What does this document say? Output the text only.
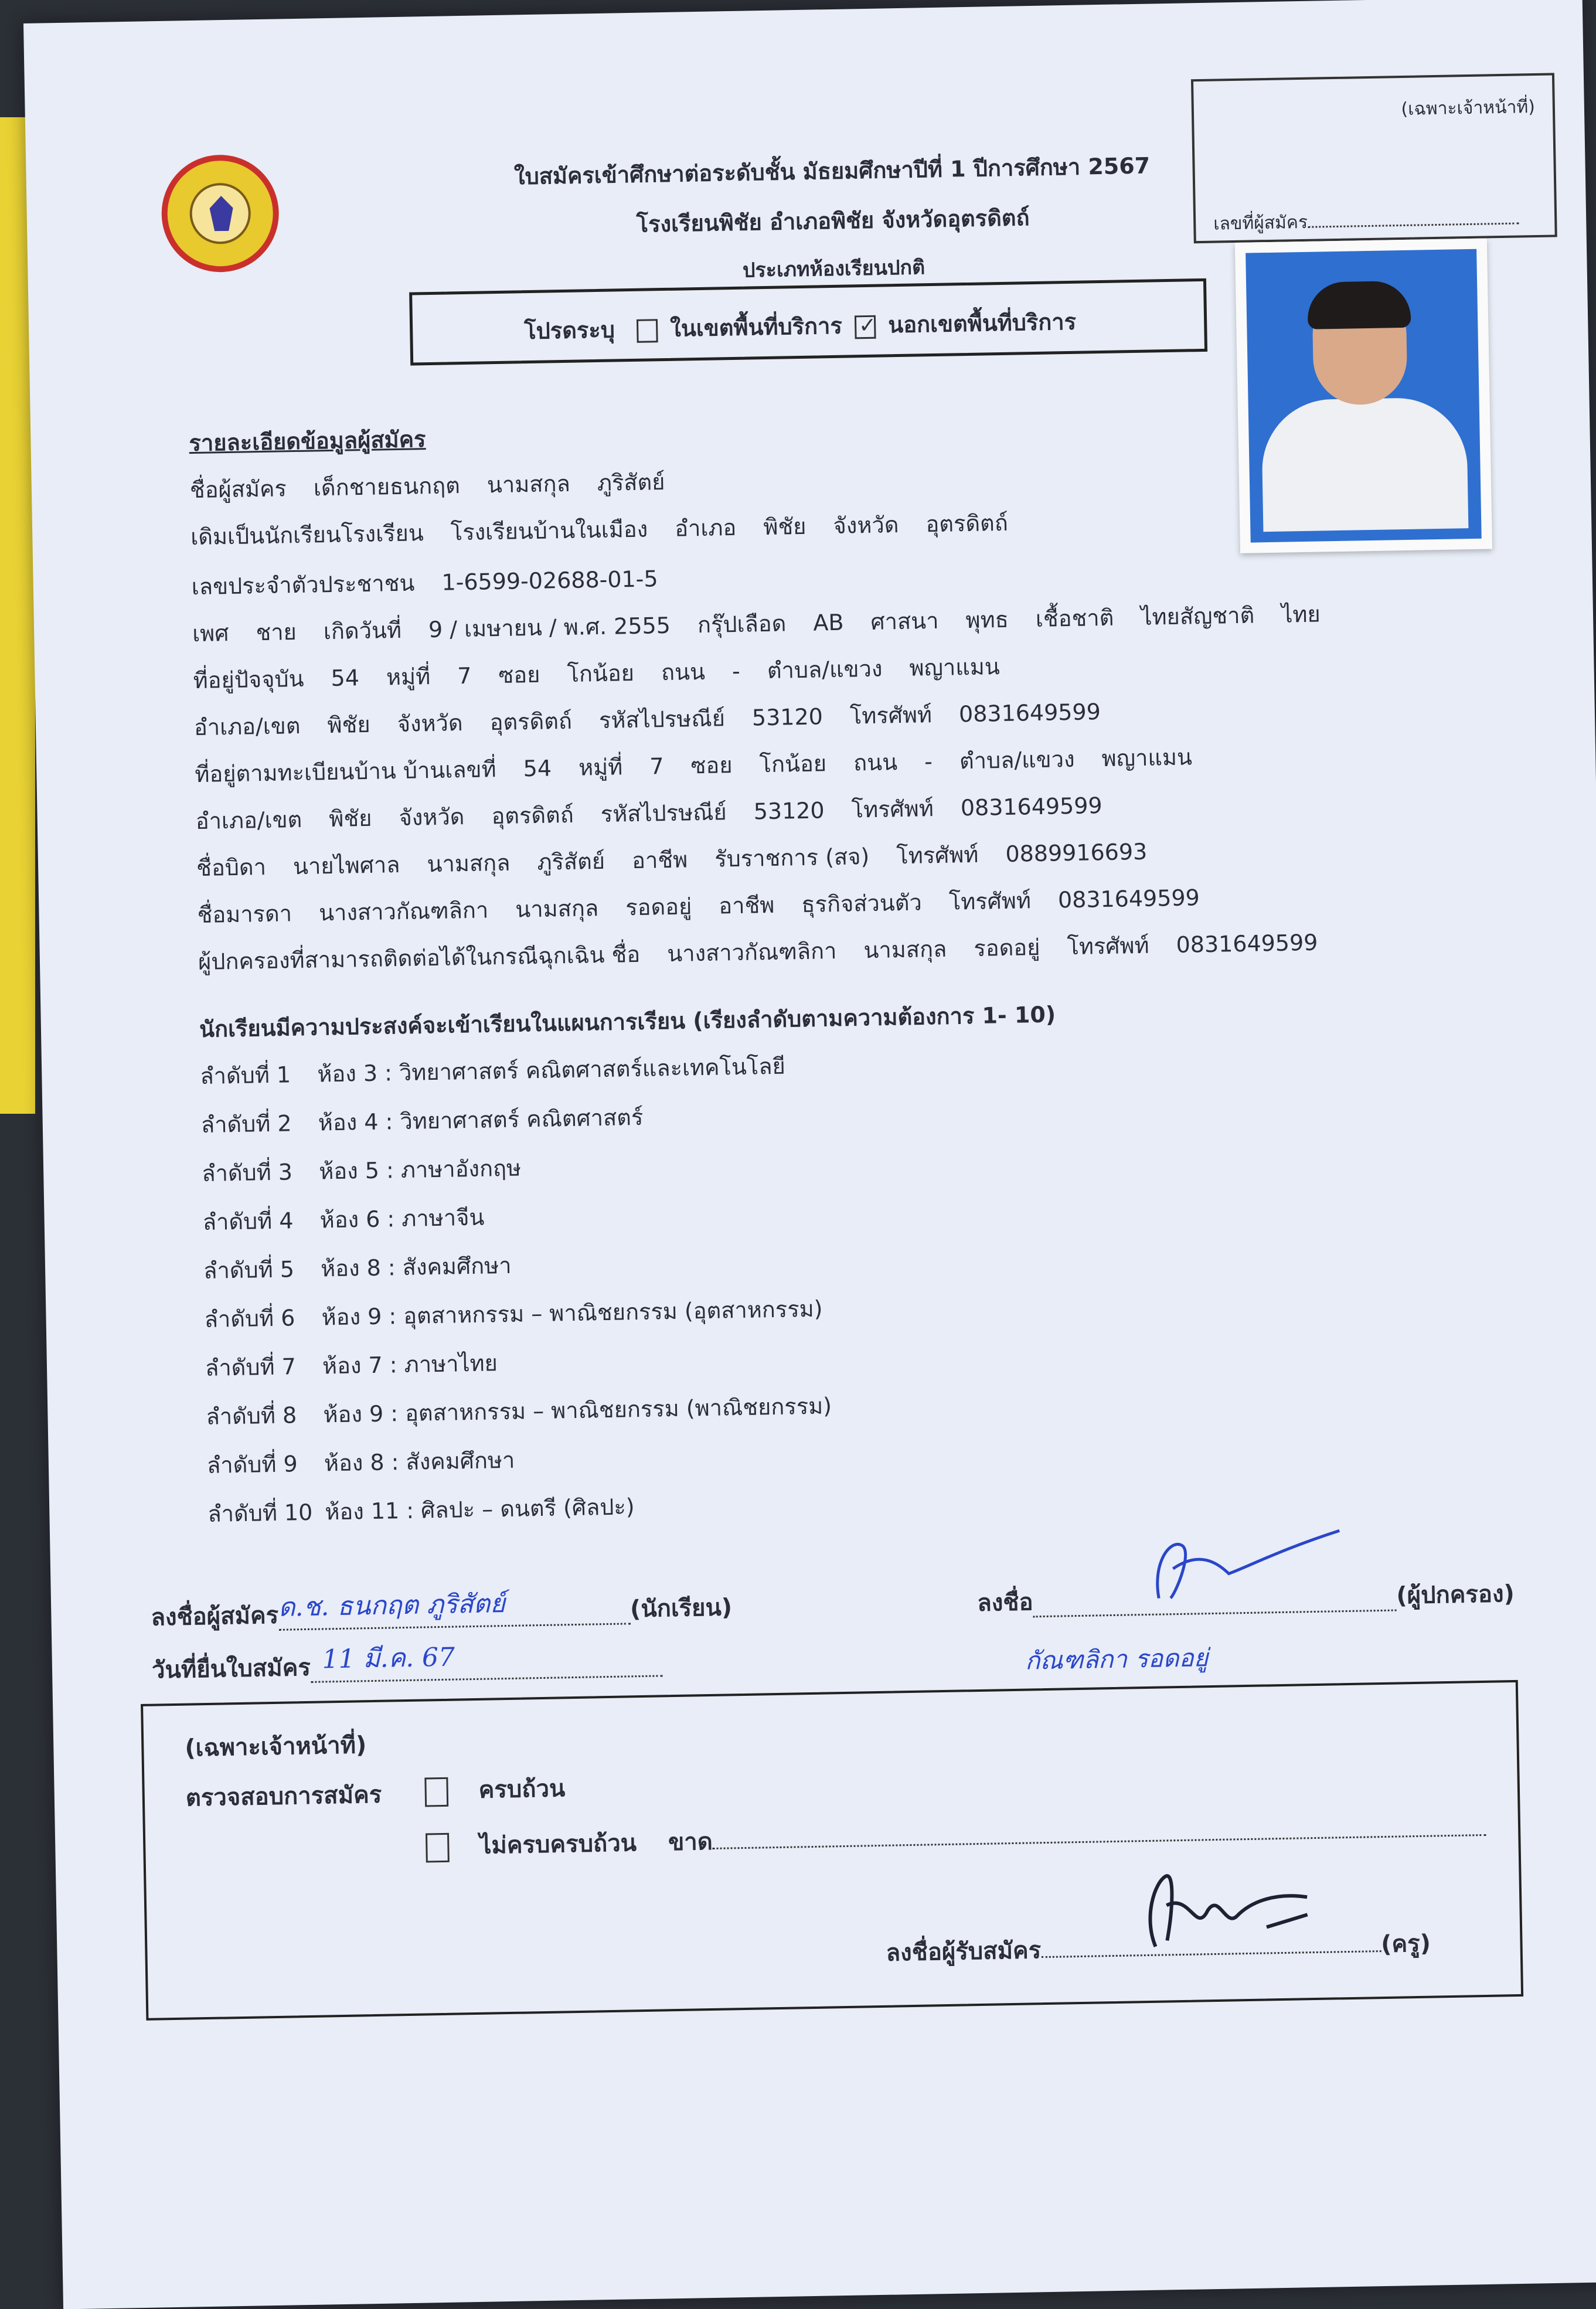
ใบสมัครเข้าศึกษาต่อระดับชั้น มัธยมศึกษาปีที่ 1 ปีการศึกษา 2567
โรงเรียนพิชัย อำเภอพิชัย จังหวัดอุตรดิตถ์
ประเภทห้องเรียนปกติ
(เฉพาะเจ้าหน้าที่)
เลขที่ผู้สมัคร
โปรดระบุ ในเขตพื้นที่บริการ ✓ นอกเขตพื้นที่บริการ
รายละเอียดข้อมูลผู้สมัคร
ชื่อผู้สมัคร เด็กชายธนกฤต นามสกุล ภูริสัตย์
เดิมเป็นนักเรียนโรงเรียน โรงเรียนบ้านในเมือง อำเภอ พิชัย จังหวัด อุตรดิตถ์
เลขประจำตัวประชาชน 1-6599-02688-01-5
เพศ ชาย เกิดวันที่ 9 / เมษายน / พ.ศ. 2555 กรุ๊ปเลือด AB ศาสนา พุทธ เชื้อชาติ ไทยสัญชาติ ไทย
ที่อยู่ปัจจุบัน 54 หมู่ที่ 7 ซอย โกน้อย ถนน - ตำบล/แขวง พญาแมน
อำเภอ/เขต พิชัย จังหวัด อุตรดิตถ์ รหัสไปรษณีย์ 53120 โทรศัพท์ 0831649599
ที่อยู่ตามทะเบียนบ้าน บ้านเลขที่ 54 หมู่ที่ 7 ซอย โกน้อย ถนน - ตำบล/แขวง พญาแมน
อำเภอ/เขต พิชัย จังหวัด อุตรดิตถ์ รหัสไปรษณีย์ 53120 โทรศัพท์ 0831649599
ชื่อบิดา นายไพศาล นามสกุล ภูริสัตย์ อาชีพ รับราชการ (สจ) โทรศัพท์ 0889916693
ชื่อมารดา นางสาวกัณฑลิกา นามสกุล รอดอยู่ อาชีพ ธุรกิจส่วนตัว โทรศัพท์ 0831649599
ผู้ปกครองที่สามารถติดต่อได้ในกรณีฉุกเฉิน ชื่อ นางสาวกัณฑลิกา นามสกุล รอดอยู่ โทรศัพท์ 0831649599
นักเรียนมีความประสงค์จะเข้าเรียนในแผนการเรียน (เรียงลำดับตามความต้องการ 1- 10)
ลำดับที่ 1 ห้อง 3 : วิทยาศาสตร์ คณิตศาสตร์และเทคโนโลยี
ลำดับที่ 2 ห้อง 4 : วิทยาศาสตร์ คณิตศาสตร์
ลำดับที่ 3 ห้อง 5 : ภาษาอังกฤษ
ลำดับที่ 4 ห้อง 6 : ภาษาจีน
ลำดับที่ 5 ห้อง 8 : สังคมศึกษา
ลำดับที่ 6 ห้อง 9 : อุตสาหกรรม – พาณิชยกรรม (อุตสาหกรรม)
ลำดับที่ 7 ห้อง 7 : ภาษาไทย
ลำดับที่ 8 ห้อง 9 : อุตสาหกรรม – พาณิชยกรรม (พาณิชยกรรม)
ลำดับที่ 9 ห้อง 8 : สังคมศึกษา
ลำดับที่ 10 ห้อง 11 : ศิลปะ – ดนตรี (ศิลปะ)
ลงชื่อผู้สมัคร
ด.ช. ธนกฤต ภูริสัตย์	(นักเรียน)
วันที่ยื่นใบสมัคร 11 มี.ค. 67

ลงชื่อ	(ผู้ปกครอง)
กัณฑลิกา รอดอยู่
(เฉพาะเจ้าหน้าที่)
ตรวจสอบการสมัคร	ครบถ้วน
ไม่ครบครบถ้วน ขาด
ลงชื่อผู้รับสมัคร	(ครู)
